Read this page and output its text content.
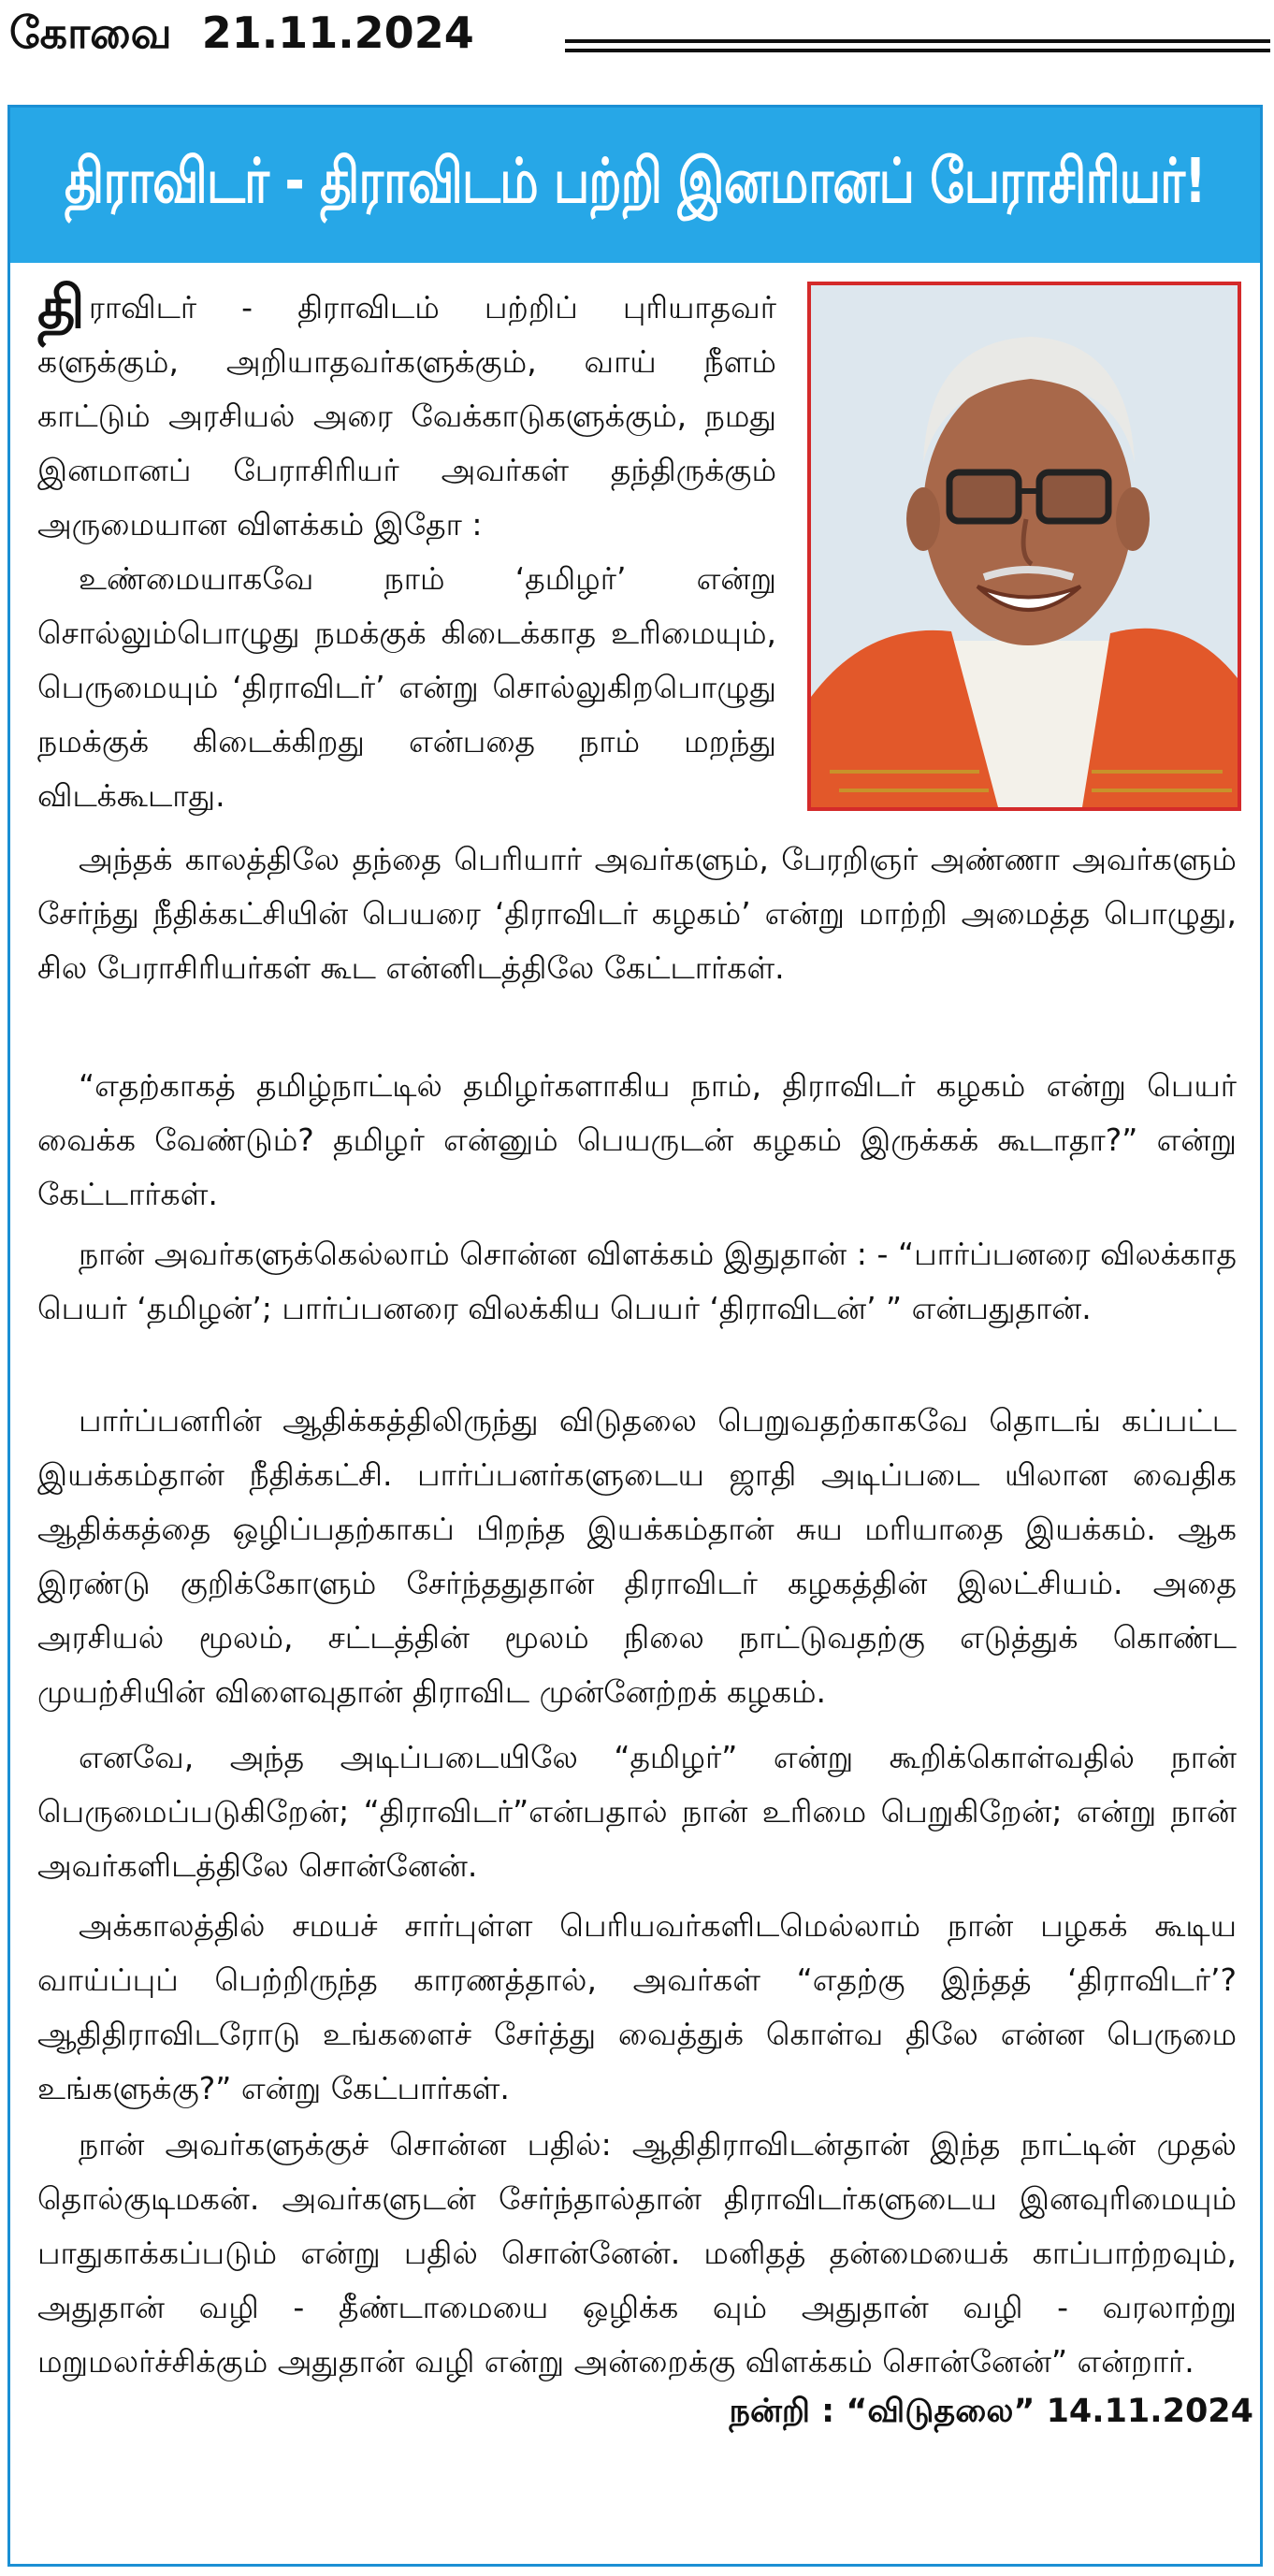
கோவை  21.11.2024
திராவிடர் - திராவிடம் பற்றி இனமானப் பேராசிரியர்!
திராவிடர் - திராவிடம் பற்றிப் புரியாதவர் களுக்கும், அறியாதவர்களுக்கும், வாய் நீளம் காட்டும் அரசியல் அரை வேக்காடுகளுக்கும், நமது இனமானப் பேராசிரியர் அவர்கள் தந்திருக்கும் அருமையான விளக்கம் இதோ :
உண்மையாகவே நாம் ‘தமிழர்’ என்று சொல்லும்பொழுது நமக்குக் கிடைக்காத உரிமையும், பெருமையும் ‘திராவிடர்’ என்று சொல்லுகிறபொழுது நமக்குக் கிடைக்கிறது என்பதை நாம் மறந்து விடக்கூடாது.
அந்தக் காலத்திலே தந்தை பெரியார் அவர்களும், பேரறிஞர் அண்ணா அவர்களும் சேர்ந்து நீதிக்கட்சியின் பெயரை ‘திராவிடர் கழகம்’ என்று மாற்றி அமைத்த பொழுது, சில பேராசிரியர்கள் கூட என்னிடத்திலே கேட்டார்கள்.
“எதற்காகத் தமிழ்நாட்டில் தமிழர்களாகிய நாம், திராவிடர் கழகம் என்று பெயர் வைக்க வேண்டும்? தமிழர் என்னும் பெயருடன் கழகம் இருக்கக் கூடாதா?” என்று கேட்டார்கள்.
நான் அவர்களுக்கெல்லாம் சொன்ன விளக்கம் இதுதான் : - “பார்ப்பனரை விலக்காத பெயர் ‘தமிழன்’; பார்ப்பனரை விலக்கிய பெயர் ‘திராவிடன்’ ” என்பதுதான்.
பார்ப்பனரின் ஆதிக்கத்திலிருந்து விடுதலை பெறுவதற்காகவே தொடங் கப்பட்ட இயக்கம்தான் நீதிக்கட்சி. பார்ப்பனர்களுடைய ஜாதி அடிப்படை யிலான வைதிக ஆதிக்கத்தை ஒழிப்பதற்காகப் பிறந்த இயக்கம்தான் சுய மரியாதை இயக்கம். ஆக இரண்டு குறிக்கோளும் சேர்ந்ததுதான் திராவிடர் கழகத்தின் இலட்சியம். அதை அரசியல் மூலம், சட்டத்தின் மூலம் நிலை நாட்டுவதற்கு எடுத்துக் கொண்ட முயற்சியின் விளைவுதான் திராவிட முன்னேற்றக் கழகம்.
எனவே, அந்த அடிப்படையிலே “தமிழர்” என்று கூறிக்கொள்வதில் நான் பெருமைப்படுகிறேன்; “திராவிடர்”என்பதால் நான் உரிமை பெறுகிறேன்; என்று நான் அவர்களிடத்திலே சொன்னேன்.
அக்காலத்தில் சமயச் சார்புள்ள பெரியவர்களிடமெல்லாம் நான் பழகக் கூடிய வாய்ப்புப் பெற்றிருந்த காரணத்தால், அவர்கள் “எதற்கு இந்தத் ‘திராவிடர்’? ஆதிதிராவிடரோடு உங்களைச் சேர்த்து வைத்துக் கொள்வ திலே என்ன பெருமை உங்களுக்கு?” என்று கேட்பார்கள்.
நான் அவர்களுக்குச் சொன்ன பதில்: ஆதிதிராவிடன்தான் இந்த நாட்டின் முதல் தொல்குடிமகன். அவர்களுடன் சேர்ந்தால்தான் திராவிடர்களுடைய இனவுரிமையும் பாதுகாக்கப்படும் என்று பதில் சொன்னேன். மனிதத் தன்மையைக் காப்பாற்றவும், அதுதான் வழி - தீண்டாமையை ஒழிக்க வும் அதுதான் வழி - வரலாற்று மறுமலர்ச்சிக்கும் அதுதான் வழி என்று அன்றைக்கு விளக்கம் சொன்னேன்” என்றார்.
நன்றி : “விடுதலை” 14.11.2024
